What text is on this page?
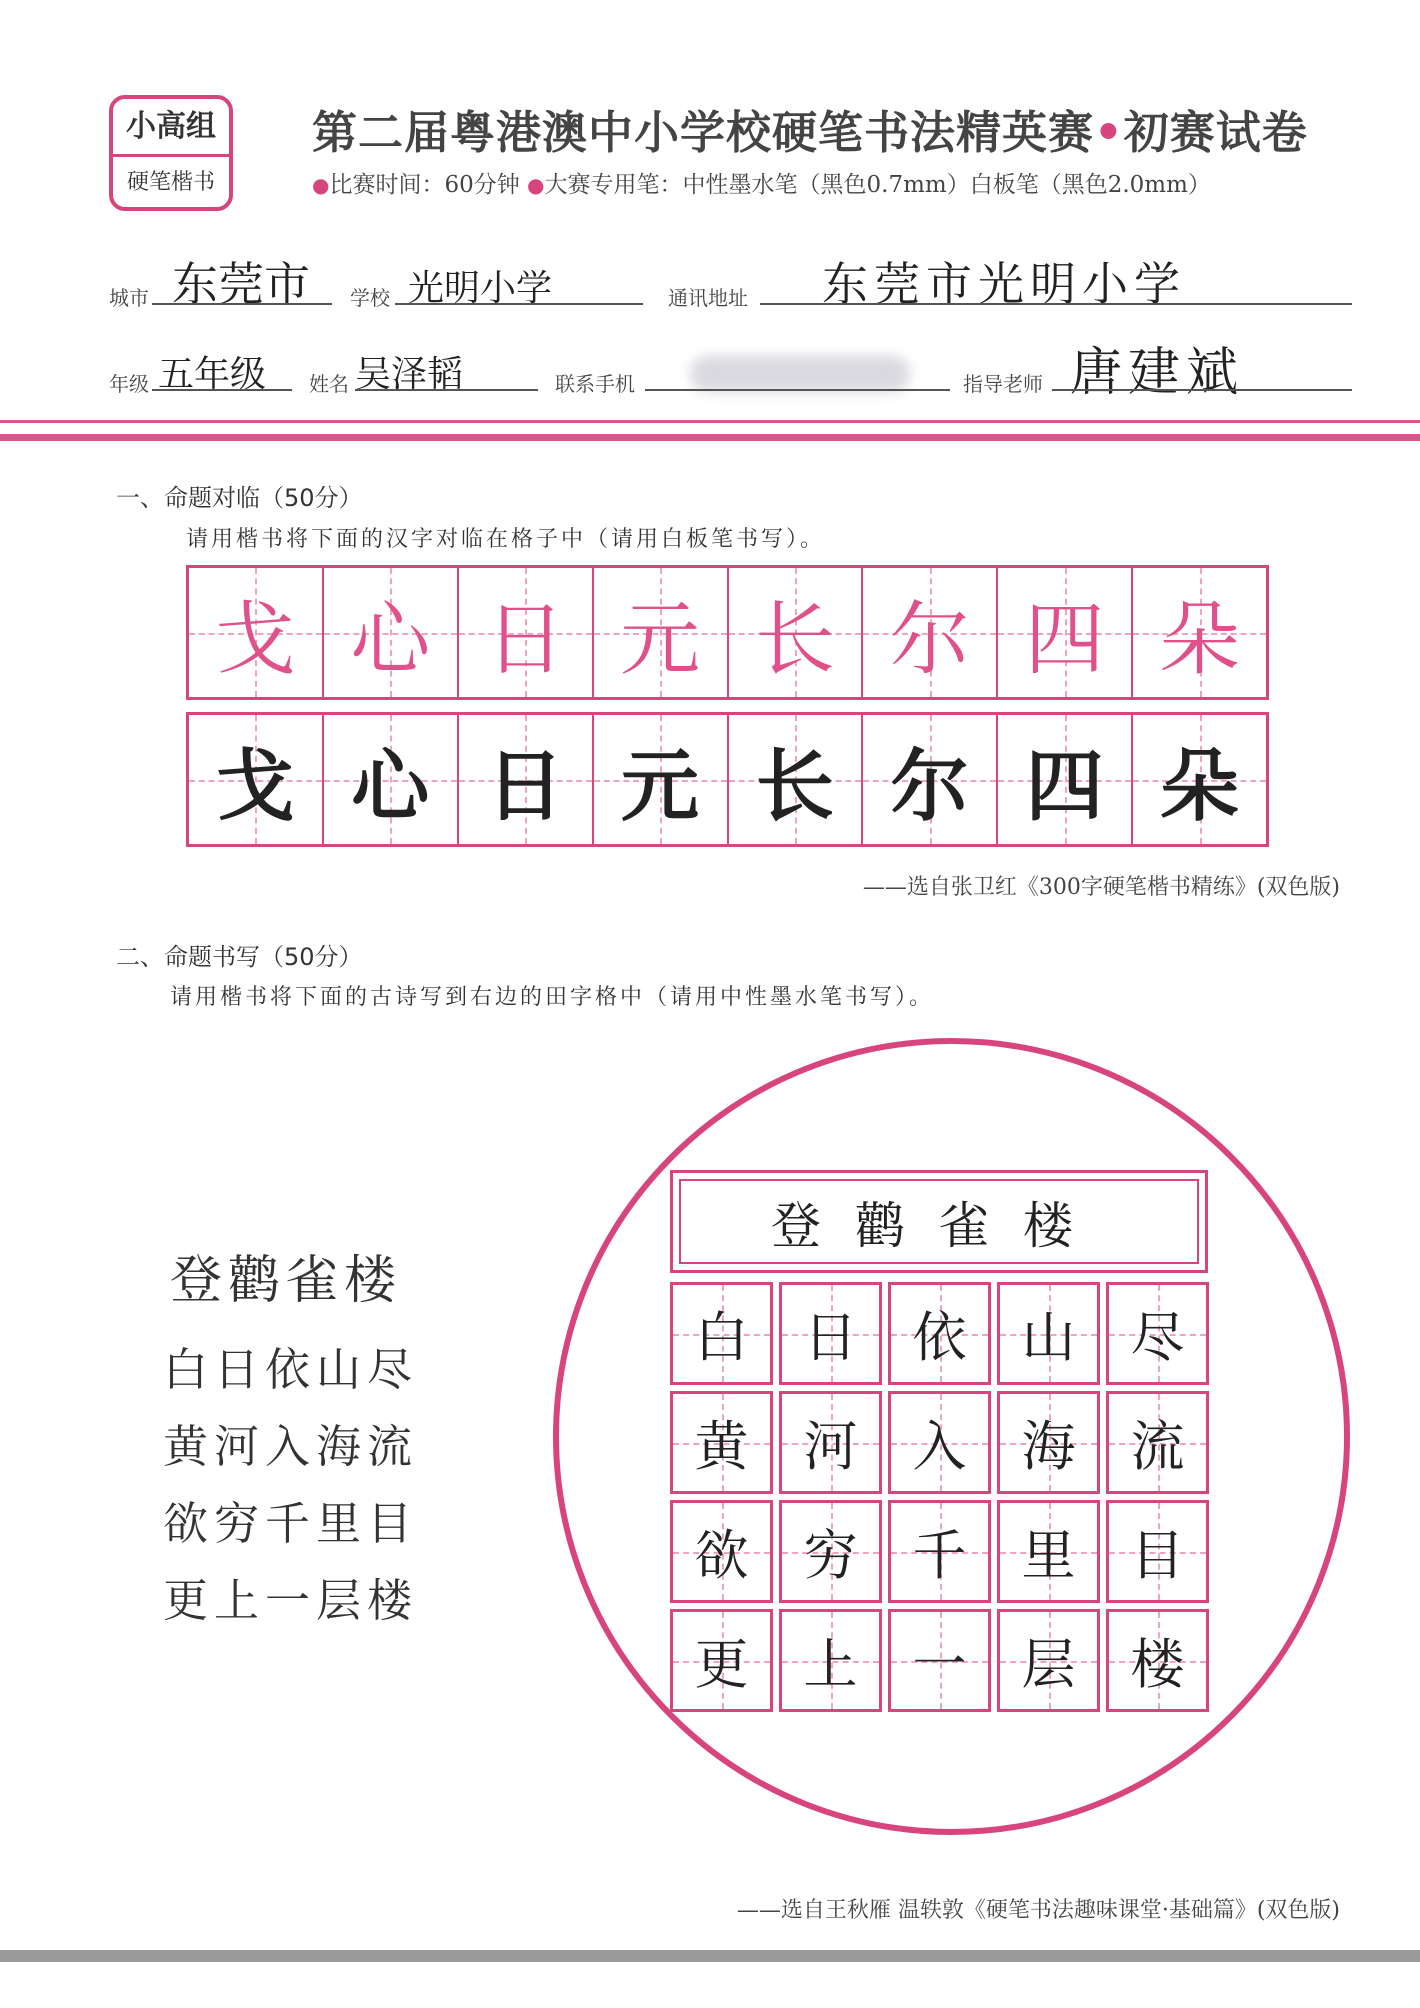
小高组
硬笔楷书
第二届粤港澳中小学校硬笔书法精英赛•初赛试卷
●比赛时间：60分钟 ●大赛专用笔：中性墨水笔（黑色0.7mm）白板笔（黑色2.0mm）
城市 东莞市 学校 光明小学	通讯地址 东莞市光明小学
年级 五年级 姓名 吴泽韬	联系手机	指导老师 唐建斌
一、命题对临（50分）
请用楷书将下面的汉字对临在格子中（请用白板笔书写）。
戈 心 日 元 长 尔 四 朵
戈 心 日 元 长 尔 四 朵
——选自张卫红《300字硬笔楷书精练》(双色版)
二、命题书写（50分）
请用楷书将下面的古诗写到右边的田字格中（请用中性墨水笔书写）。
登鹳雀楼
白日依山尽
黄河入海流
欲穷千里目
更上一层楼
登鹳雀楼
白	日	依	山	尽
黄	河	入	海	流
欲	穷	千	里	目
更	上	一	层	楼
——选自王秋雁 温轶敦《硬笔书法趣味课堂·基础篇》(双色版)
